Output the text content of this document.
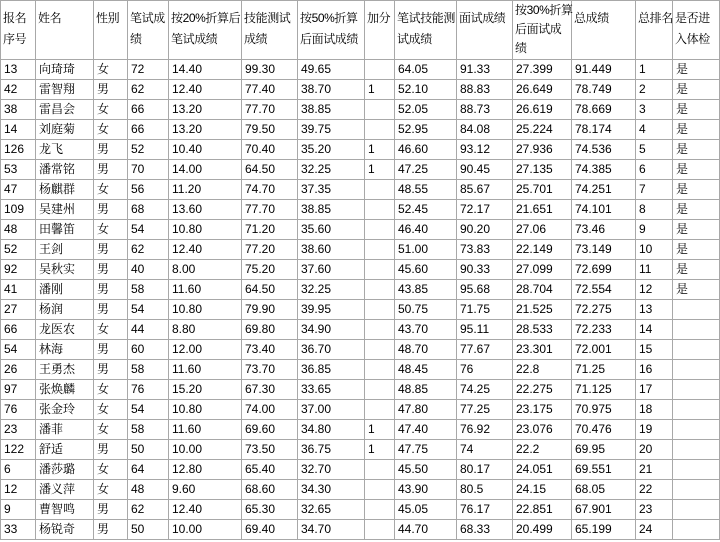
报名
序号	姓名	性别	笔试成
绩	按20%折算后
笔试成绩	技能测试
成绩	按50%折算
后面试成绩	加分	笔试技能测
试成绩	面试成绩	按30%折算
后面试成
绩	总成绩	总排名	是否进
入体检

13	向琦琦	女	72	14.40	99.30	49.65		64.05	91.33	27.399	91.449	1	是
42	雷智翔	男	62	12.40	77.40	38.70	1	52.10	88.83	26.649	78.749	2	是
38	雷昌会	女	66	13.20	77.70	38.85		52.05	88.73	26.619	78.669	3	是
14	刘庭菊	女	66	13.20	79.50	39.75		52.95	84.08	25.224	78.174	4	是
126	龙飞	男	52	10.40	70.40	35.20	1	46.60	93.12	27.936	74.536	5	是
53	潘常铭	男	70	14.00	64.50	32.25	1	47.25	90.45	27.135	74.385	6	是
47	杨麒群	女	56	11.20	74.70	37.35		48.55	85.67	25.701	74.251	7	是
109	吴建州	男	68	13.60	77.70	38.85		52.45	72.17	21.651	74.101	8	是
48	田馨笛	女	54	10.80	71.20	35.60		46.40	90.20	27.06	73.46	9	是
52	王剑	男	62	12.40	77.20	38.60		51.00	73.83	22.149	73.149	10	是
92	吴秋实	男	40	8.00	75.20	37.60		45.60	90.33	27.099	72.699	11	是
41	潘刚	男	58	11.60	64.50	32.25		43.85	95.68	28.704	72.554	12	是
27	杨润	男	54	10.80	79.90	39.95		50.75	71.75	21.525	72.275	13	
66	龙医农	女	44	8.80	69.80	34.90		43.70	95.11	28.533	72.233	14	
54	林海	男	60	12.00	73.40	36.70		48.70	77.67	23.301	72.001	15	
26	王勇杰	男	58	11.60	73.70	36.85		48.45	76	22.8	71.25	16	
97	张焕麟	女	76	15.20	67.30	33.65		48.85	74.25	22.275	71.125	17	
76	张金玲	女	54	10.80	74.00	37.00		47.80	77.25	23.175	70.975	18	
23	潘菲	女	58	11.60	69.60	34.80	1	47.40	76.92	23.076	70.476	19	
122	舒适	男	50	10.00	73.50	36.75	1	47.75	74	22.2	69.95	20	
6	潘莎璐	女	64	12.80	65.40	32.70		45.50	80.17	24.051	69.551	21	
12	潘义萍	女	48	9.60	68.60	34.30		43.90	80.5	24.15	68.05	22	
9	曹智鸣	男	62	12.40	65.30	32.65		45.05	76.17	22.851	67.901	23	
33	杨锐奇	男	50	10.00	69.40	34.70		44.70	68.33	20.499	65.199	24	
